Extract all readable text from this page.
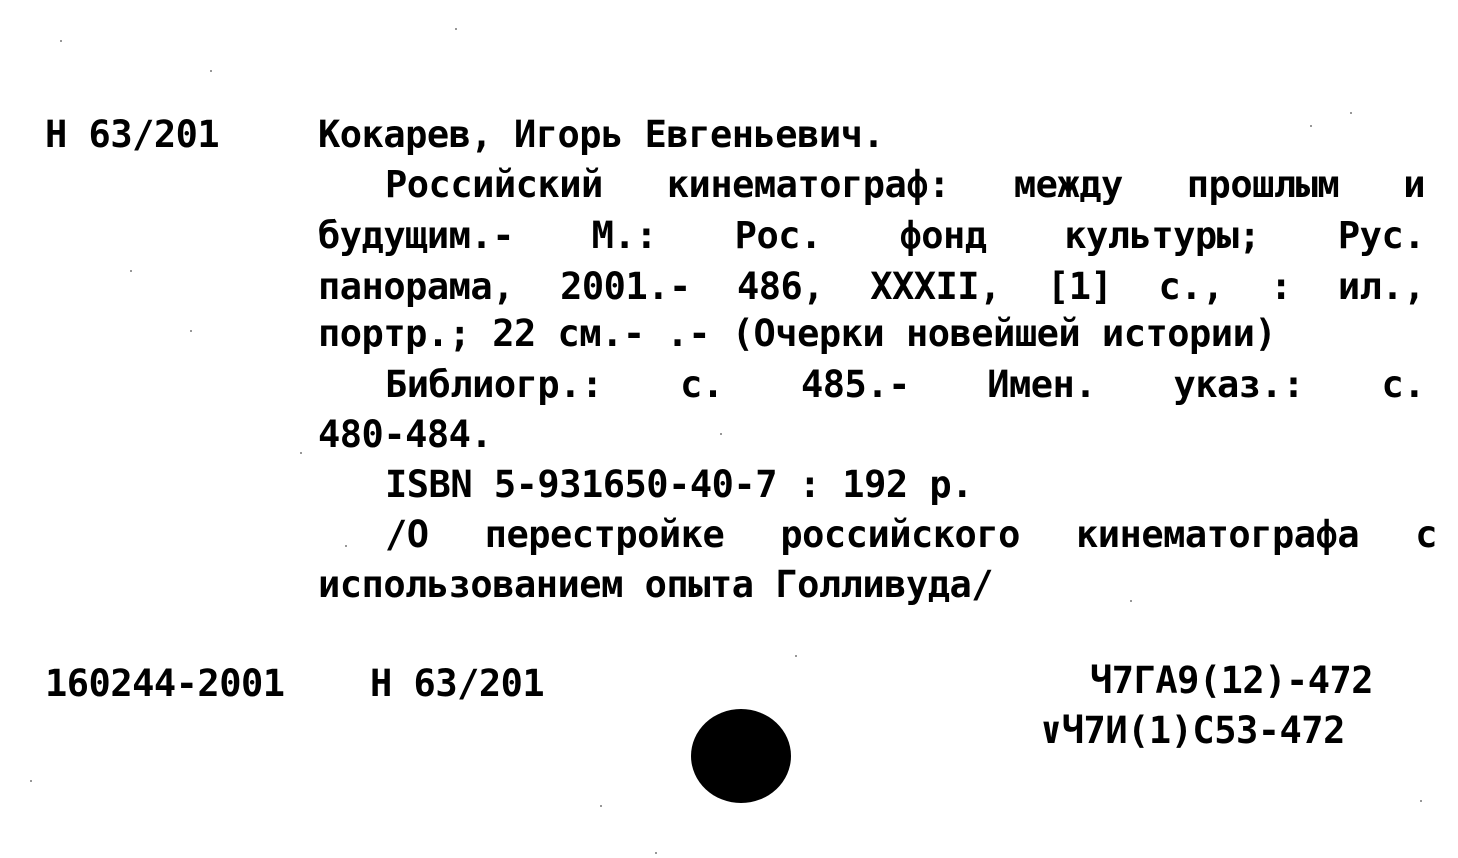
Н 63/201	Кокарев, Игорь Евгеньевич.
Российский кинематограф: между прошлым и
будущим.- М.: Рос. фонд культуры; Рус.
панорама, 2001.- 486, XXXII, [1] с., : ил.,
портр.; 22 см.- .- (Очерки новейшей истории)
Библиогр.: с. 485.- Имен. указ.: с.
480-484.
ISBN 5-931650-40-7 : 192 р.
/О перестройке российского кинематографа с
использованием опыта Голливуда/
160244-2001 Н 63/201	Ч7ГА9(12)-472
∨Ч7И(1)С53-472
